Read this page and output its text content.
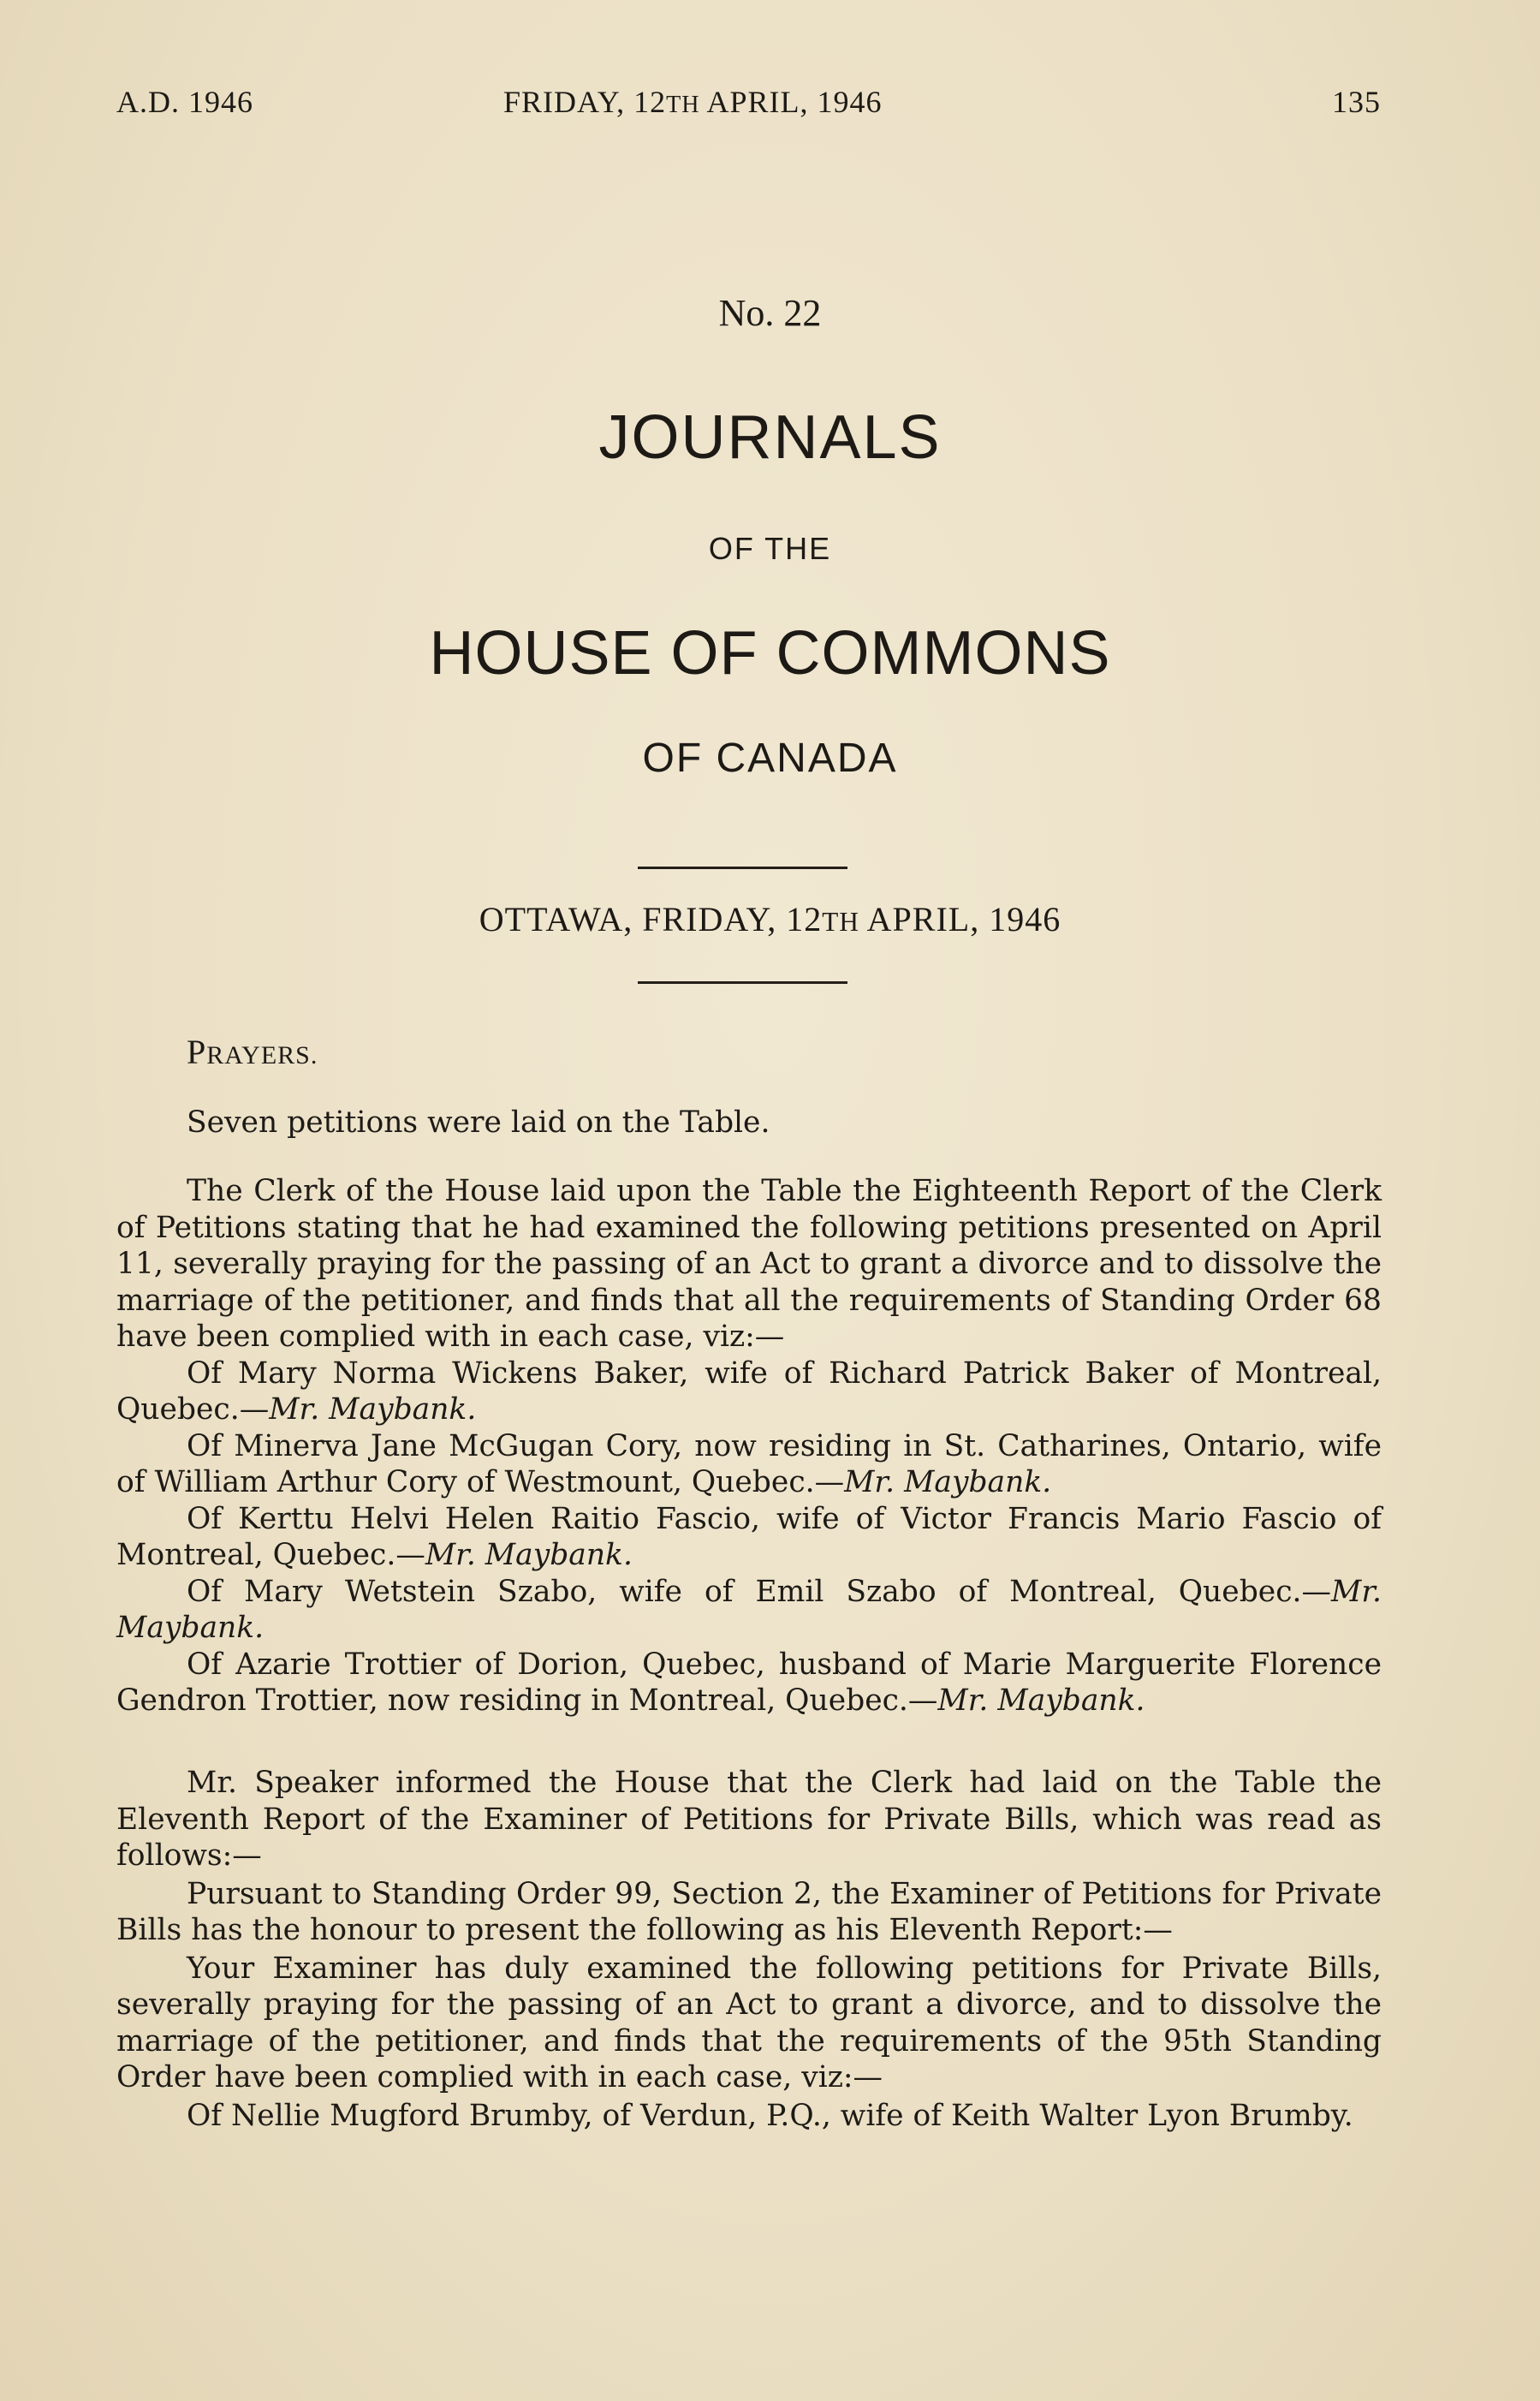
A.D. 1946	FRIDAY, 12TH APRIL, 1946	135
No. 22
JOURNALS
OF THE
HOUSE OF COMMONS
OF CANADA
OTTAWA, FRIDAY, 12TH APRIL, 1946
PRAYERS.

Seven petitions were laid on the Table.

The Clerk of the House laid upon the Table the Eighteenth Report of the Clerk of Petitions stating that he had examined the following petitions presented on April 11, severally praying for the passing of an Act to grant a divorce and to dissolve the marriage of the petitioner, and finds that all the requirements of Standing Order 68 have been complied with in each case, viz:—

Of Mary Norma Wickens Baker, wife of Richard Patrick Baker of Montreal, Quebec.—Mr. Maybank.

Of Minerva Jane McGugan Cory, now residing in St. Catharines, Ontario, wife of William Arthur Cory of Westmount, Quebec.—Mr. Maybank.

Of Kerttu Helvi Helen Raitio Fascio, wife of Victor Francis Mario Fascio of Montreal, Quebec.—Mr. Maybank.

Of Mary Wetstein Szabo, wife of Emil Szabo of Montreal, Quebec.—Mr. Maybank.

Of Azarie Trottier of Dorion, Quebec, husband of Marie Marguerite Florence Gendron Trottier, now residing in Montreal, Quebec.—Mr. Maybank.

Mr. Speaker informed the House that the Clerk had laid on the Table the Eleventh Report of the Examiner of Petitions for Private Bills, which was read as follows:—

Pursuant to Standing Order 99, Section 2, the Examiner of Petitions for Private Bills has the honour to present the following as his Eleventh Report:—

Your Examiner has duly examined the following petitions for Private Bills, severally praying for the passing of an Act to grant a divorce, and to dissolve the marriage of the petitioner, and finds that the requirements of the 95th Standing Order have been complied with in each case, viz:—

Of Nellie Mugford Brumby, of Verdun, P.Q., wife of Keith Walter Lyon Brumby.
